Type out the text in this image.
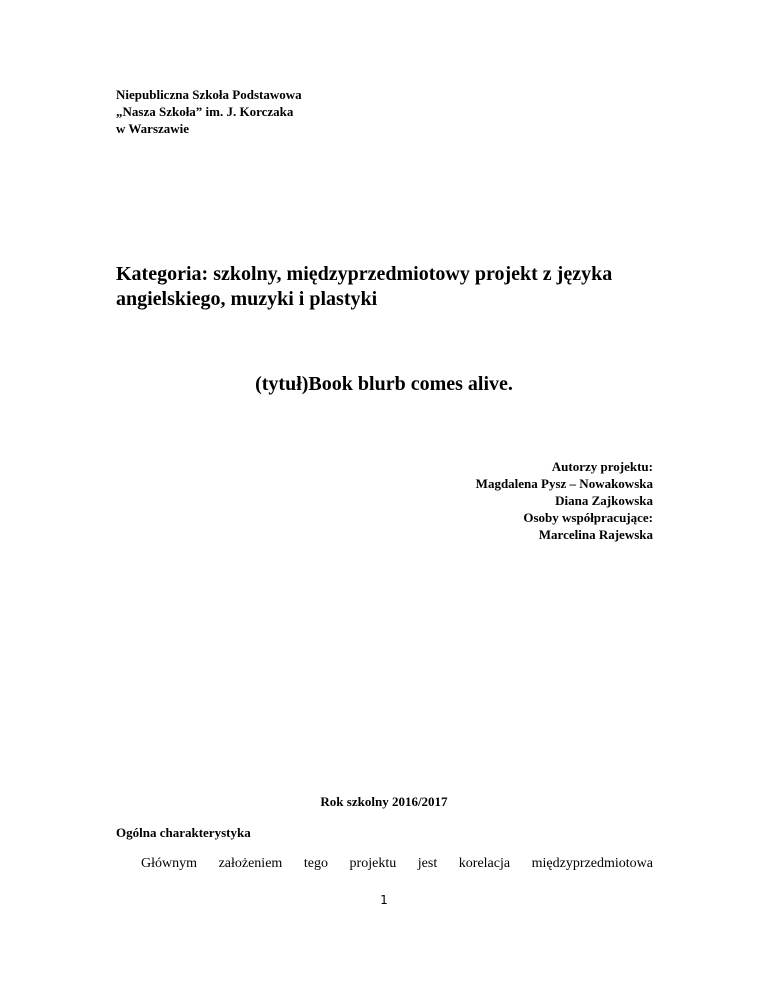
Niepubliczna Szkoła Podstawowa
„Nasza Szkoła” im. J. Korczaka
w Warszawie
Kategoria: szkolny, międzyprzedmiotowy projekt z języka
angielskiego, muzyki i plastyki
(tytuł)Book blurb comes alive.
Autorzy projektu:
Magdalena Pysz – Nowakowska
Diana Zajkowska
Osoby współpracujące:
Marcelina Rajewska
Rok szkolny 2016/2017
Ogólna charakterystyka
Głównym założeniem tego projektu jest korelacja międzyprzedmiotowa
1
